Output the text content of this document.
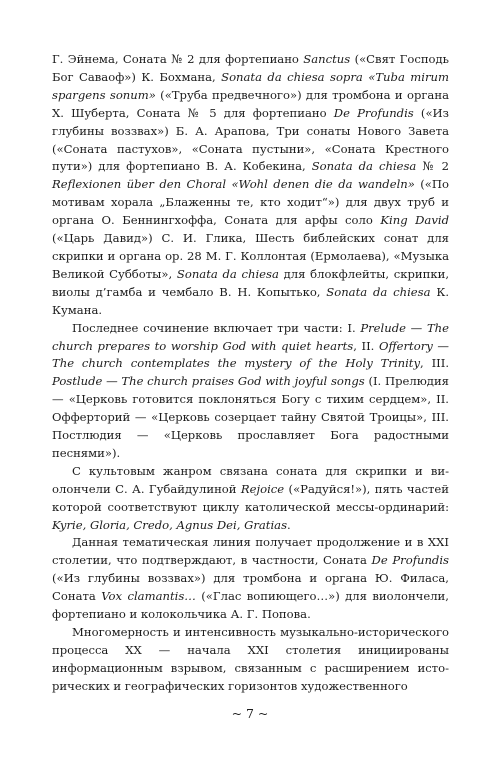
Г. Эйнема, Соната № 2 для фортепиано Sanctus («Свят Господь Бог Саваоф») К. Бохмана, Sonata da chiesa sopra «Tuba mirum spargens sonum» («Труба предвечного») для тромбона и органа Х. Шуберта, Соната № 5 для фортепиано De Profundis («Из глубины воззвах») Б. А. Арапова, Три сонаты Нового Завета («Соната пастухов», «Соната пустыни», «Соната Крестного пути») для фортепиано В. А. Кобекина, Sonata da chiesa № 2 Reflexionen über den Choral «Wohl denen die da wandeln» («По мотивам хорала „Блаженны те, кто ходит“») для двух труб и органа О. Беннингхоффа, Соната для арфы соло King David («Царь Давид») С. И. Глика, Шесть библейских сонат для скрипки и органа ор. 28 М. Г. Коллонтая (Ермолаева), «Музыка Великой Субботы», Sonata da chiesa для блокфлейты, скрипки, виолы д’гамба и чембало В. Н. Копытько, Sonata da chiesa К. Кумана.

Последнее сочинение включает три части: I. Prelude — The church prepares to worship God with quiet hearts, II. Offertory — The church contemplates the mystery of the Holy Trinity, III. Postlude — The church praises God with joyful songs (I. Прелюдия — «Церковь готовится поклоняться Богу с тихим сердцем», II. Офферторий — «Церковь созерцает тайну Святой Троицы», III. Постлюдия — «Церковь прославляет Бога радостными песнями»).

С культовым жанром связана соната для скрипки и виолончели С. А. Губайдулиной Rejoice («Радуйся!»), пять частей которой соответствуют циклу католической мессы-ординарий: Kyrie, Gloria, Credo, Agnus Dei, Gratias.

Данная тематическая линия получает продолжение и в XXI столетии, что подтверждают, в частности, Соната De Profundis («Из глубины воззвах») для тромбона и органа Ю. Филаса, Соната Vox clamantis… («Глас вопиющего…») для виолончели, фортепиано и колокольчика А. Г. Попова.

Многомерность и интенсивность музыкально-исторического процесса XX — начала XXI столетия инициированы информационным взрывом, связанным с расширением исторических и географических горизонтов художественного

~ 7 ~
